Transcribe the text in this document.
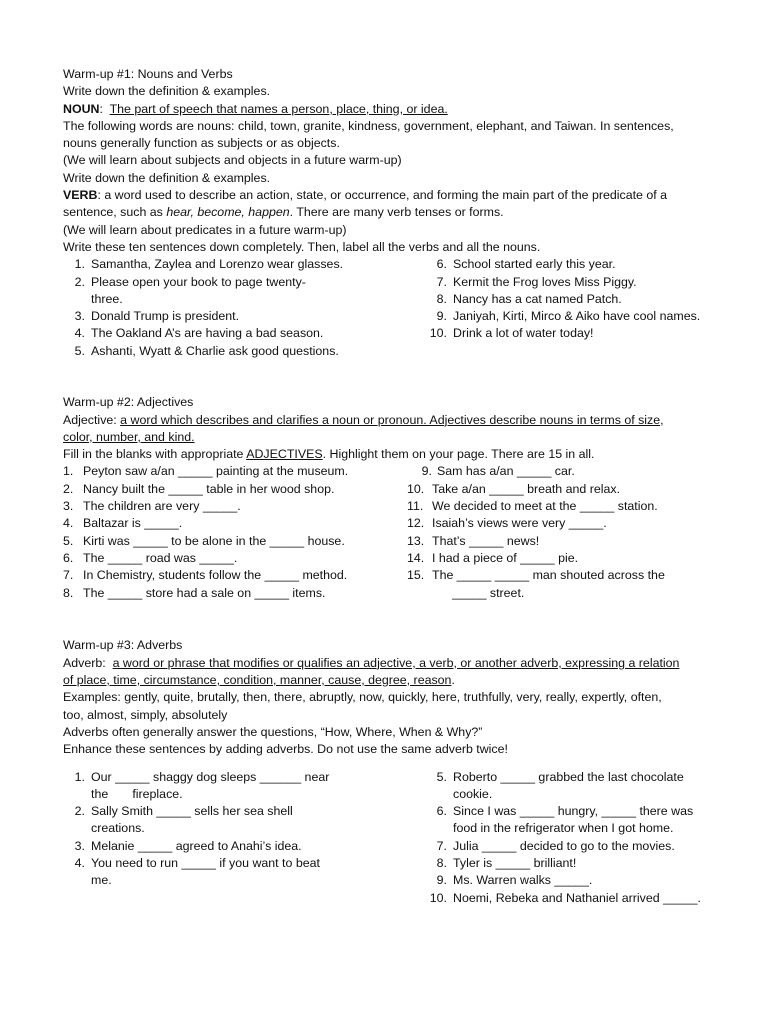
Warm-up #1: Nouns and Verbs
Write down the definition & examples.
NOUN:  The part of speech that names a person, place, thing, or idea.
The following words are nouns: child, town, granite, kindness, government, elephant, and Taiwan. In sentences,
nouns generally function as subjects or as objects.
(We will learn about subjects and objects in a future warm-up)
Write down the definition & examples.
VERB: a word used to describe an action, state, or occurrence, and forming the main part of the predicate of a
sentence, such as hear, become, happen. There are many verb tenses or forms.
(We will learn about predicates in a future warm-up)
Write these ten sentences down completely. Then, label all the verbs and all the nouns.
1. Samantha, Zaylea and Lorenzo wear glasses.
2. Please open your book to page twenty-
three.
3. Donald Trump is president.
4. The Oakland A’s are having a bad season.
5. Ashanti, Wyatt & Charlie ask good questions.
6. School started early this year.
7. Kermit the Frog loves Miss Piggy.
8. Nancy has a cat named Patch.
9. Janiyah, Kirti, Mirco & Aiko have cool names.
10. Drink a lot of water today!
Warm-up #2: Adjectives
Adjective: a word which describes and clarifies a noun or pronoun. Adjectives describe nouns in terms of size,
color, number, and kind.
Fill in the blanks with appropriate ADJECTIVES. Highlight them on your page. There are 15 in all.
1. Peyton saw a/an _____ painting at the museum.
2. Nancy built the _____ table in her wood shop.
3. The children are very _____.
4. Baltazar is _____.
5. Kirti was _____ to be alone in the _____ house.
6. The _____ road was _____.
7. In Chemistry, students follow the _____ method.
8. The _____ store had a sale on _____ items.
9. Sam has a/an _____ car.
10. Take a/an _____ breath and relax.
11. We decided to meet at the _____ station.
12. Isaiah’s views were very _____.
13. That’s _____ news!
14. I had a piece of _____ pie.
15. The _____ _____ man shouted across the
_____ street.
Warm-up #3: Adverbs
Adverb:  a word or phrase that modifies or qualifies an adjective, a verb, or another adverb, expressing a relation
of place, time, circumstance, condition, manner, cause, degree, reason.
Examples: gently, quite, brutally, then, there, abruptly, now, quickly, here, truthfully, very, really, expertly, often,
too, almost, simply, absolutely
Adverbs often generally answer the questions, “How, Where, When & Why?”
Enhance these sentences by adding adverbs. Do not use the same adverb twice!
1. Our _____ shaggy dog sleeps ______ near
the       fireplace.
2. Sally Smith _____ sells her sea shell
creations.
3. Melanie _____ agreed to Anahi’s idea.
4. You need to run _____ if you want to beat
me.
5. Roberto _____ grabbed the last chocolate
cookie.
6. Since I was _____ hungry, _____ there was
food in the refrigerator when I got home.
7. Julia _____ decided to go to the movies.
8. Tyler is _____ brilliant!
9. Ms. Warren walks _____.
10. Noemi, Rebeka and Nathaniel arrived _____.
